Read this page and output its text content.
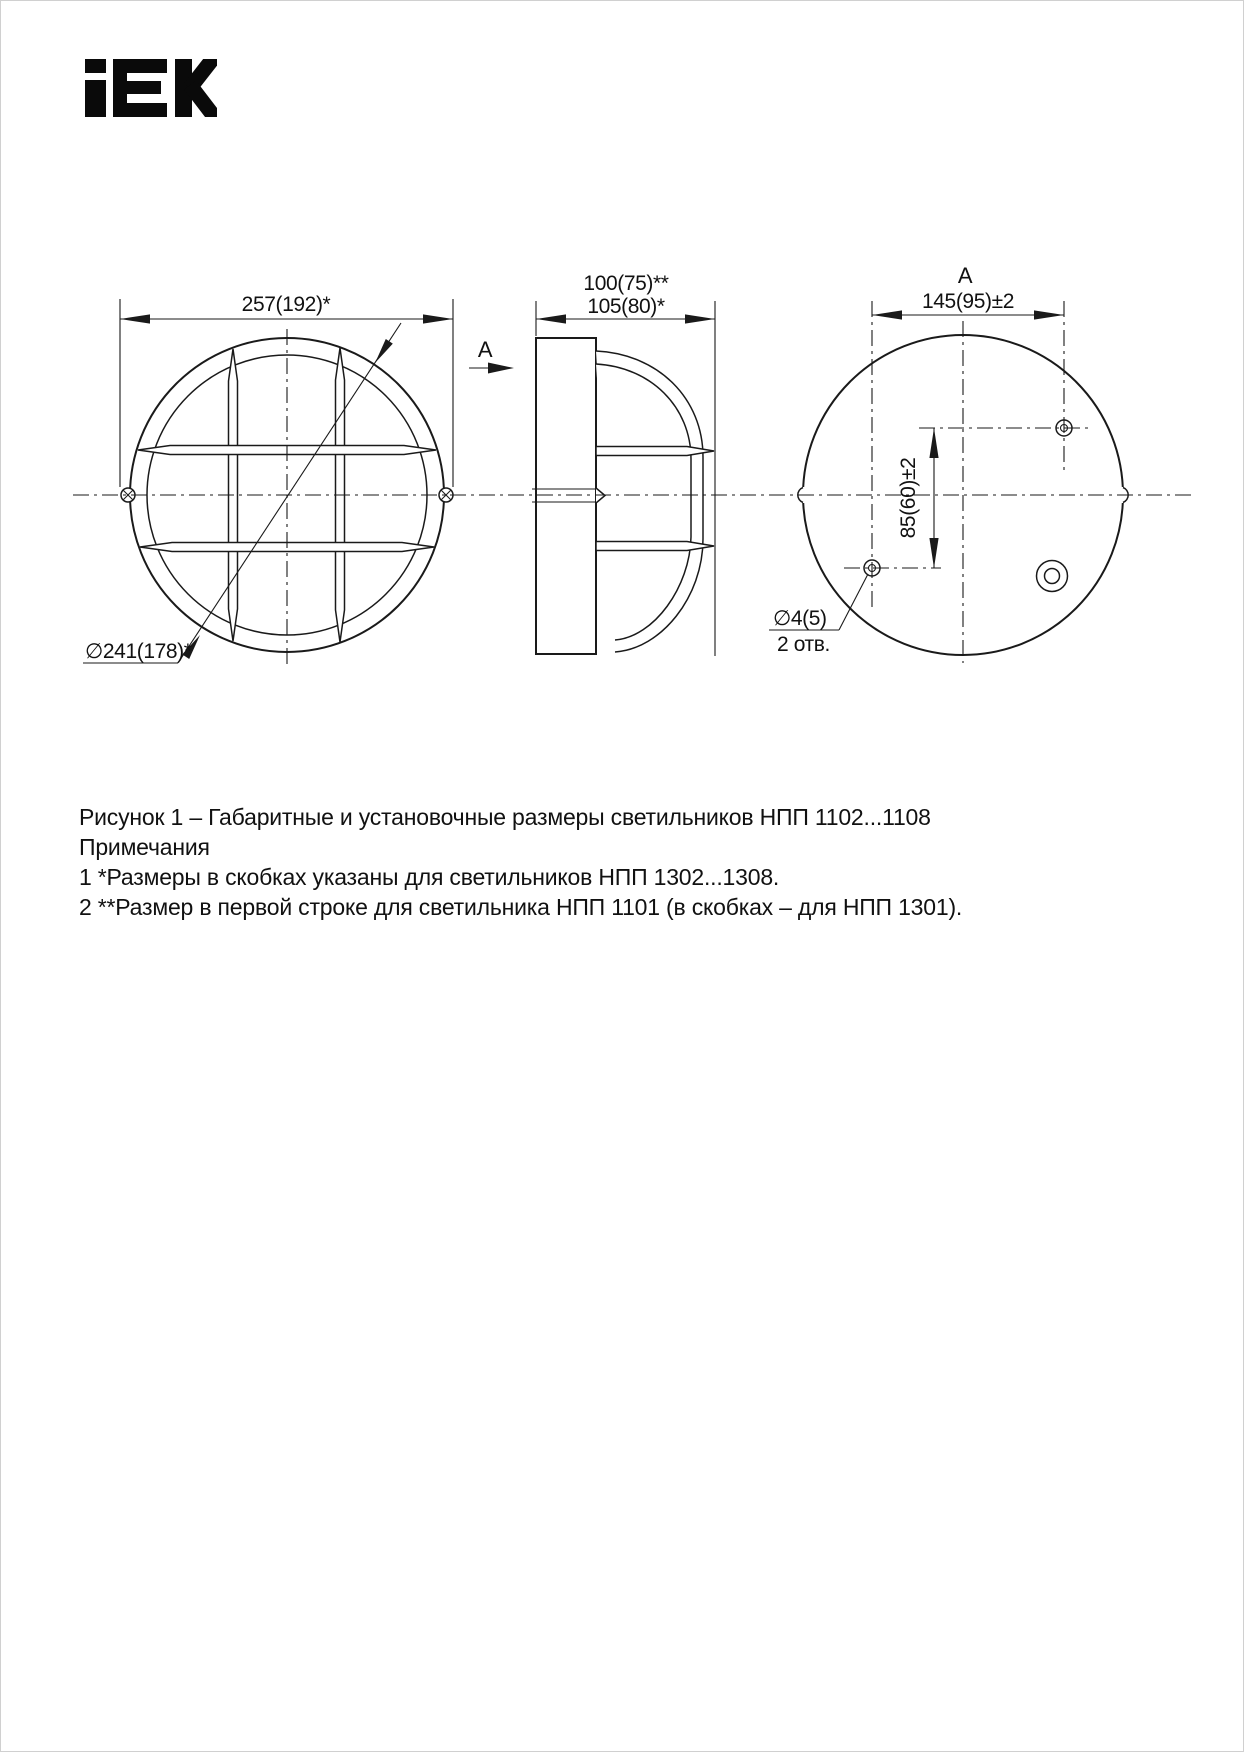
257(192)*
∅241(178)*
А
100(75)**
105(80)*
А
145(95)±2
85(60)±2
∅4(5)
2 отв.

Рисунок 1 – Габаритные и установочные размеры светильников НПП 1102...1108

Примечания

1 *Размеры в скобках указаны для светильников НПП 1302...1308.

2 **Размер в первой строке для светильника НПП 1101 (в скобках – для НПП 1301).
